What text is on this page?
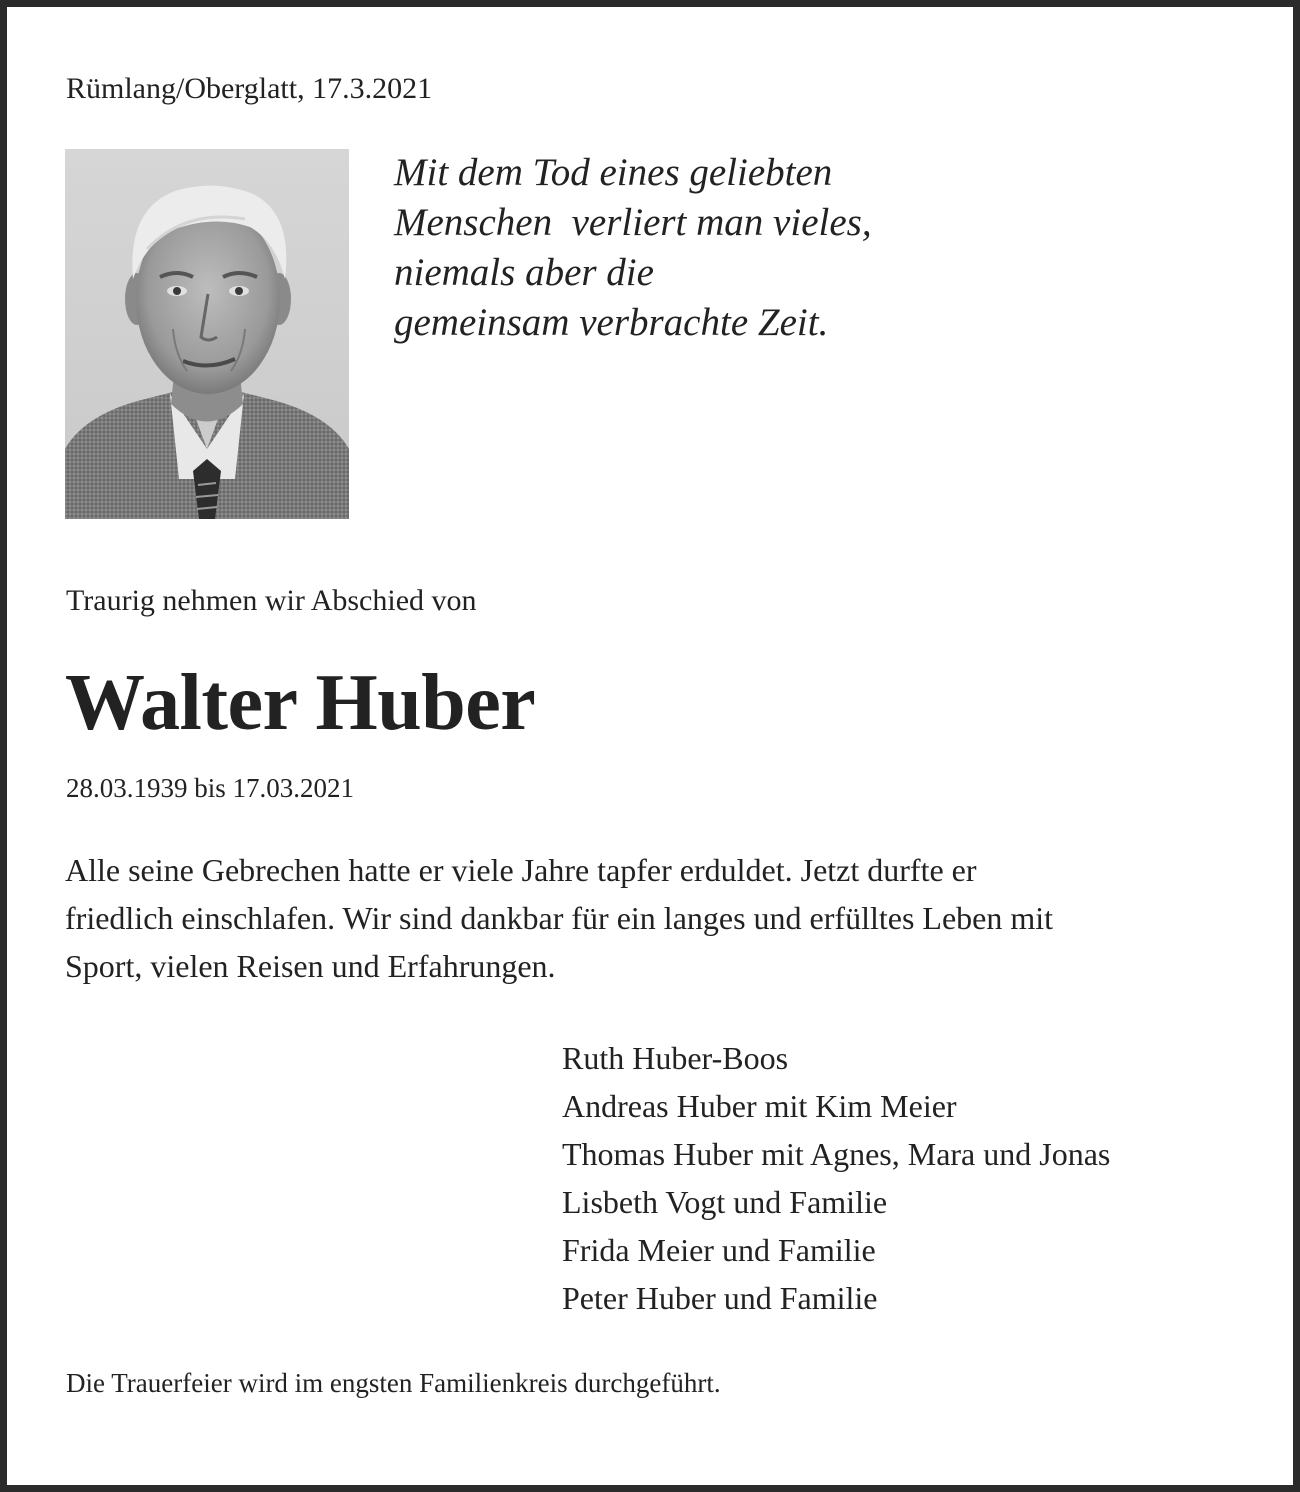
Rümlang/Oberglatt, 17.3.2021
Mit dem Tod eines geliebten
Menschen  verliert man vieles,
niemals aber die
gemeinsam verbrachte Zeit.
Traurig nehmen wir Abschied von
Walter Huber
28.03.1939 bis 17.03.2021
Alle seine Gebrechen hatte er viele Jahre tapfer erduldet. Jetzt durfte er
friedlich einschlafen. Wir sind dankbar für ein langes und erfülltes Leben mit
Sport, vielen Reisen und Erfahrungen.
Ruth Huber-Boos
Andreas Huber mit Kim Meier
Thomas Huber mit Agnes, Mara und Jonas
Lisbeth Vogt und Familie
Frida Meier und Familie
Peter Huber und Familie
Die Trauerfeier wird im engsten Familienkreis durchgeführt.
